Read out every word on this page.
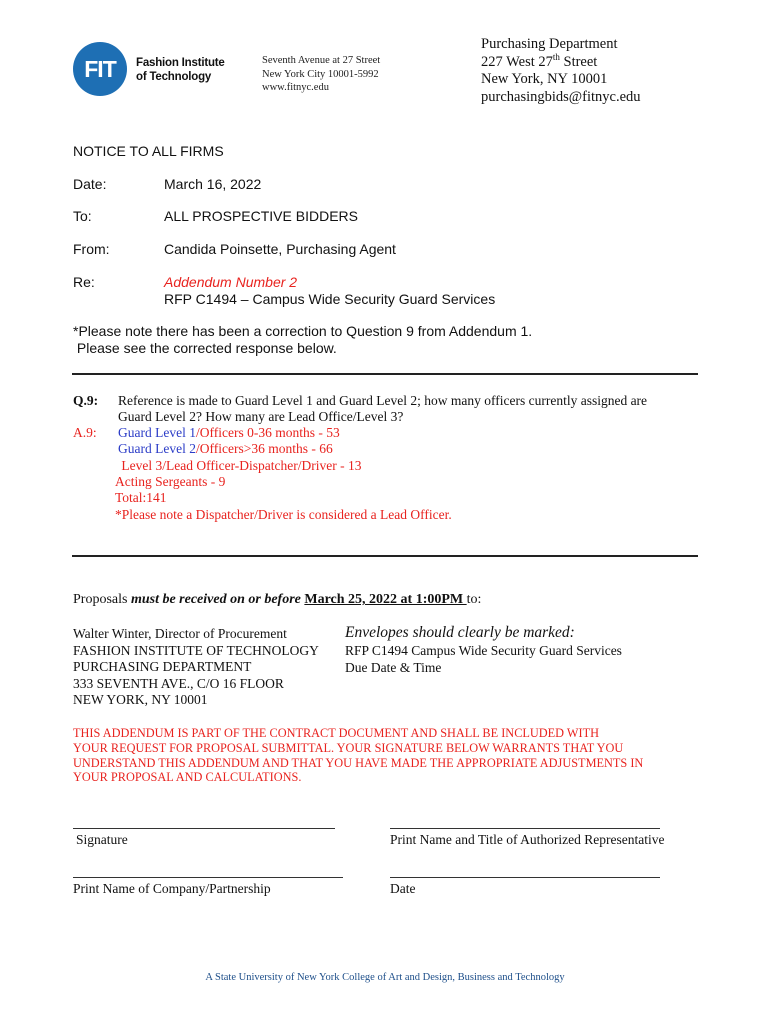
FIT Fashion Institute
of Technology
Seventh Avenue at 27 Street
New York City 10001-5992
www.fitnyc.edu
Purchasing Department
227 West 27th Street
New York, NY 10001
purchasingbids@fitnyc.edu
NOTICE TO ALL FIRMS
Date:	March 16, 2022
To:	ALL PROSPECTIVE BIDDERS
From:	Candida Poinsette, Purchasing Agent
Re:	Addendum Number 2
RFP C1494 – Campus Wide Security Guard Services
*Please note there has been a correction to Question 9 from Addendum 1.
Please see the corrected response below.
Q.9: Reference is made to Guard Level 1 and Guard Level 2; how many officers currently assigned are
Guard Level 2? How many are Lead Office/Level 3?
A.9: Guard Level 1/Officers 0-36 months - 53
Guard Level 2/Officers>36 months - 66
Level 3/Lead Officer-Dispatcher/Driver - 13
Acting Sergeants - 9
Total:141
*Please note a Dispatcher/Driver is considered a Lead Officer.
Proposals must be received on or before March 25, 2022 at 1:00PM to:
Walter Winter, Director of Procurement
FASHION INSTITUTE OF TECHNOLOGY
PURCHASING DEPARTMENT
333 SEVENTH AVE., C/O 16 FLOOR
NEW YORK, NY 10001
Envelopes should clearly be marked:
RFP C1494 Campus Wide Security Guard Services
Due Date & Time
THIS ADDENDUM IS PART OF THE CONTRACT DOCUMENT AND SHALL BE INCLUDED WITH
YOUR REQUEST FOR PROPOSAL SUBMITTAL. YOUR SIGNATURE BELOW WARRANTS THAT YOU
UNDERSTAND THIS ADDENDUM AND THAT YOU HAVE MADE THE APPROPRIATE ADJUSTMENTS IN
YOUR PROPOSAL AND CALCULATIONS.
Signature	Print Name and Title of Authorized Representative
Print Name of Company/Partnership	Date
A State University of New York College of Art and Design, Business and Technology
